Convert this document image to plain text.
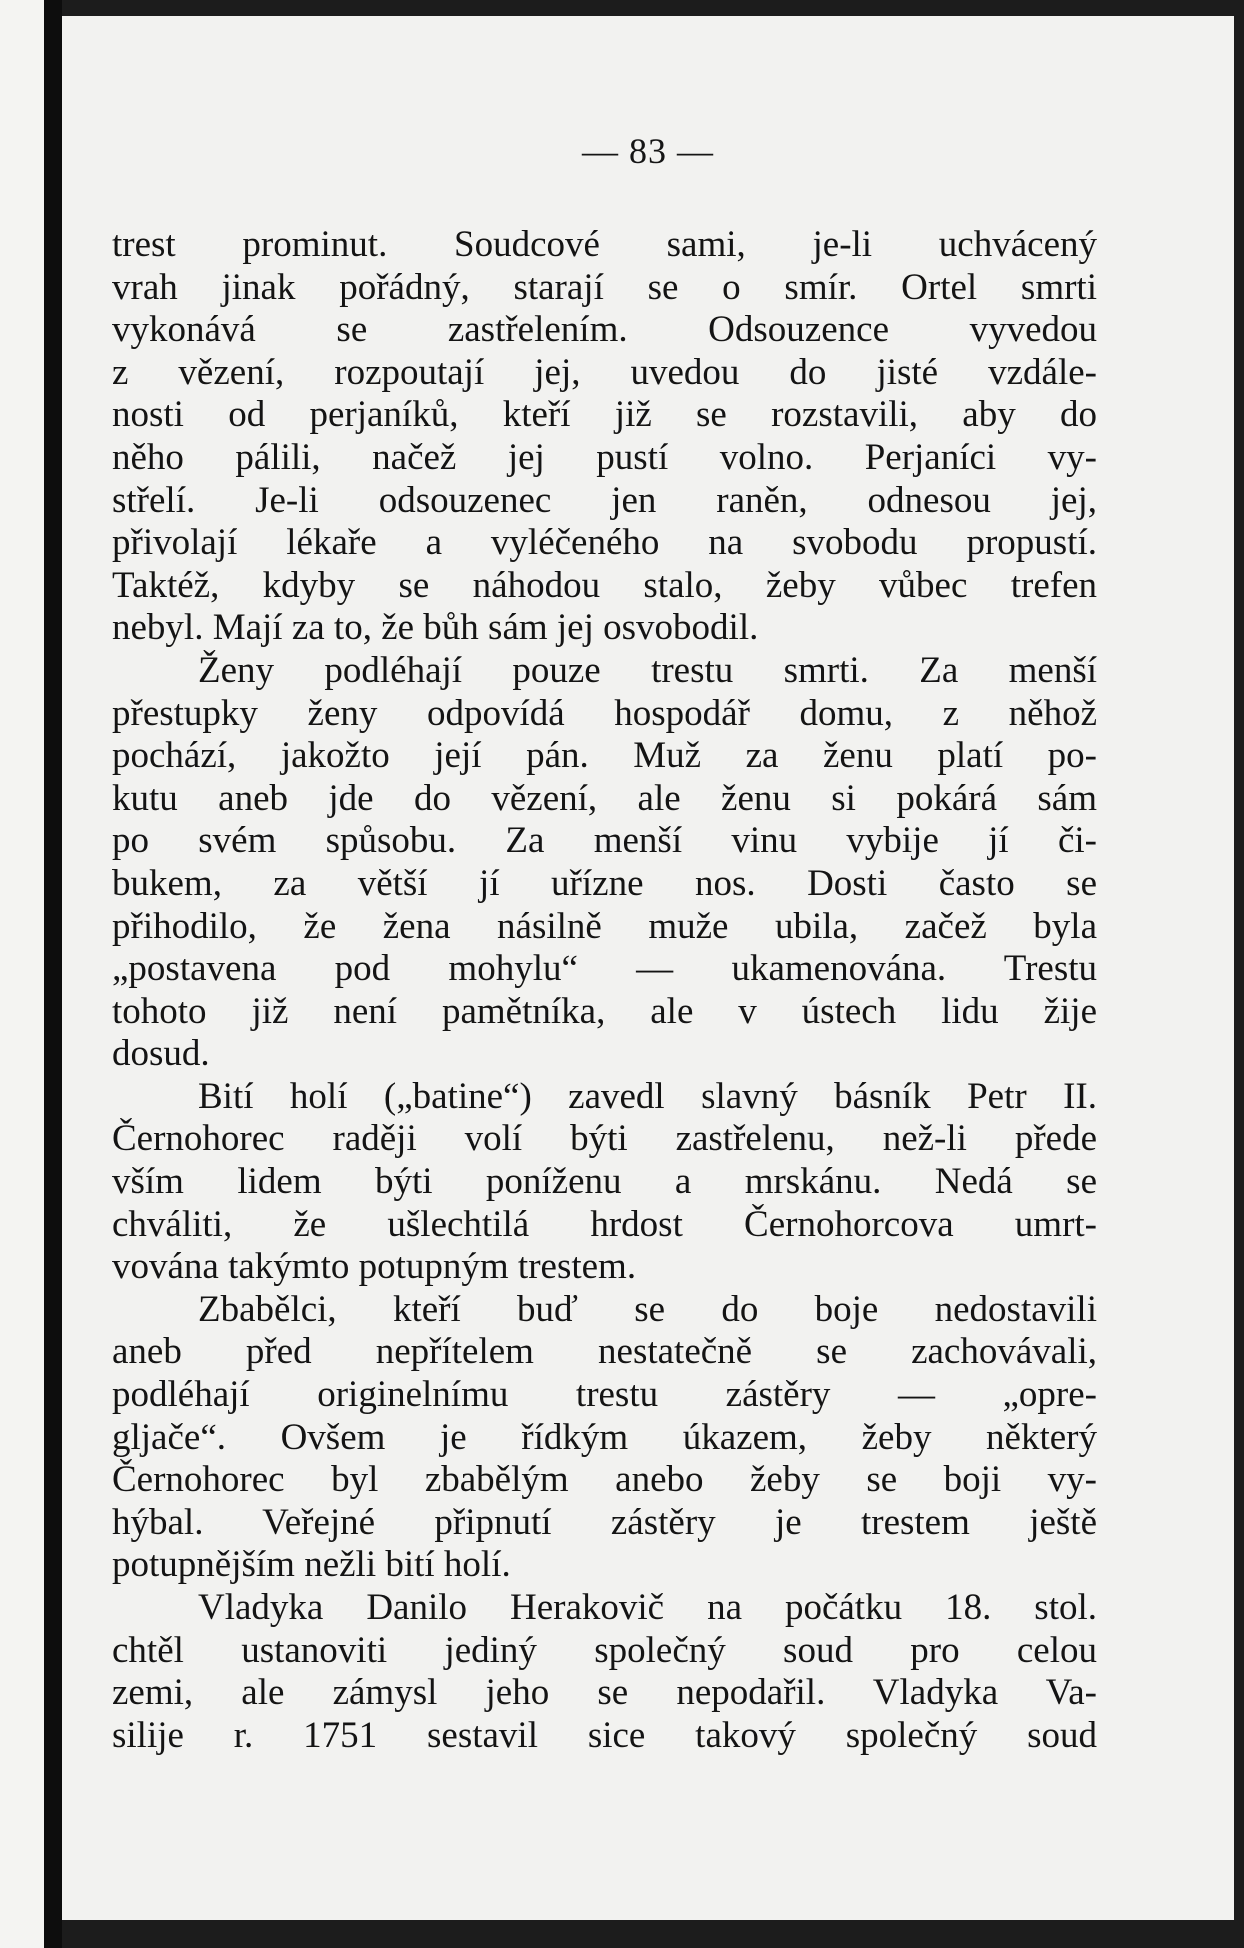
— 83 —
trest prominut. Soudcové sami, je-li uchvácený
vrah jinak pořádný, starají se o smír. Ortel smrti
vykonává se zastřelením. Odsouzence vyvedou
z vězení, rozpoutají jej, uvedou do jisté vzdále-
nosti od perjaníků, kteří již se rozstavili, aby do
něho pálili, načež jej pustí volno. Perjaníci vy-
střelí. Je-li odsouzenec jen raněn, odnesou jej,
přivolají lékaře a vyléčeného na svobodu propustí.
Taktéž, kdyby se náhodou stalo, žeby vůbec trefen
nebyl. Mají za to, že bůh sám jej osvobodil.
Ženy podléhají pouze trestu smrti. Za menší
přestupky ženy odpovídá hospodář domu, z něhož
pochází, jakožto její pán. Muž za ženu platí po-
kutu aneb jde do vězení, ale ženu si pokárá sám
po svém spůsobu. Za menší vinu vybije jí či-
bukem, za větší jí uřízne nos. Dosti často se
přihodilo, že žena násilně muže ubila, začež byla
„postavena pod mohylu“ — ukamenována. Trestu
tohoto již není pamětníka, ale v ústech lidu žije
dosud.
Bití holí („batine“) zavedl slavný básník Petr II.
Černohorec raději volí býti zastřelenu, než-li přede
vším lidem býti poníženu a mrskánu. Nedá se
chváliti, že ušlechtilá hrdost Černohorcova umrt-
vována takýmto potupným trestem.
Zbabělci, kteří buď se do boje nedostavili
aneb před nepřítelem nestatečně se zachovávali,
podléhají originelnímu trestu zástěry — „opre-
gljače“. Ovšem je řídkým úkazem, žeby některý
Černohorec byl zbabělým anebo žeby se boji vy-
hýbal. Veřejné připnutí zástěry je trestem ještě
potupnějším nežli bití holí.
Vladyka Danilo Herakovič na počátku 18. stol.
chtěl ustanoviti jediný společný soud pro celou
zemi, ale zámysl jeho se nepodařil. Vladyka Va-
silije r. 1751 sestavil sice takový společný soud
